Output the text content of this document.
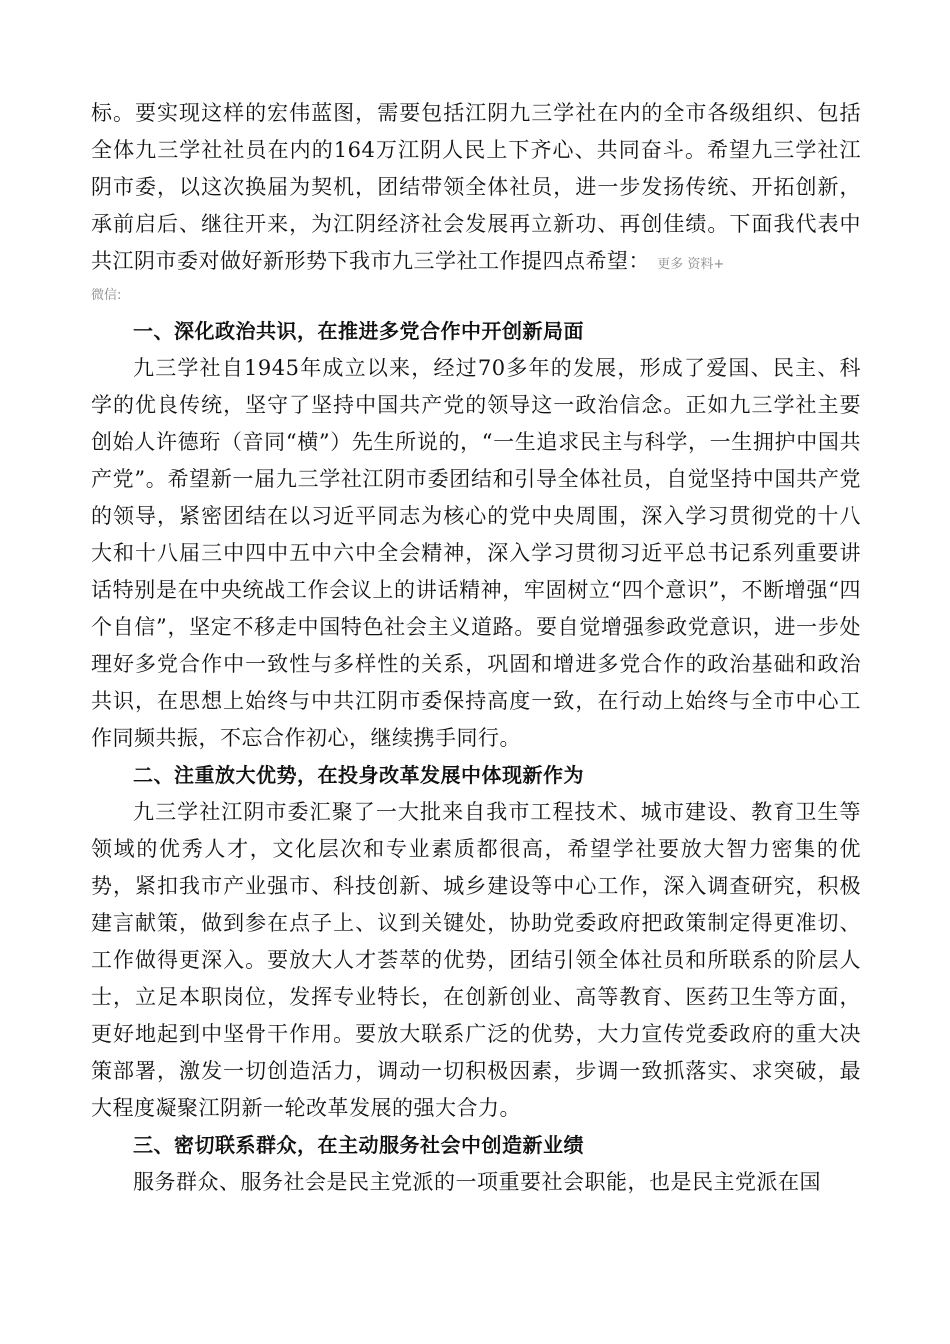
标。要实现这样的宏伟蓝图，需要包括江阴九三学社在内的全市各级组织、包括全体九三学社社员在内的164万江阴人民上下齐心、共同奋斗。希望九三学社江阴市委，以这次换届为契机，团结带领全体社员，进一步发扬传统、开拓创新，承前启后、继往开来，为江阴经济社会发展再立新功、再创佳绩。下面我代表中共江阴市委对做好新形势下我市九三学社工作提四点希望： 更多 资料+

微信:

一、深化政治共识，在推进多党合作中开创新局面

九三学社自1945年成立以来，经过70多年的发展，形成了爱国、民主、科学的优良传统，坚守了坚持中国共产党的领导这一政治信念。正如九三学社主要创始人许德珩（音同“横”）先生所说的，“一生追求民主与科学，一生拥护中国共产党”。希望新一届九三学社江阴市委团结和引导全体社员，自觉坚持中国共产党的领导，紧密团结在以习近平同志为核心的党中央周围，深入学习贯彻党的十八大和十八届三中四中五中六中全会精神，深入学习贯彻习近平总书记系列重要讲话特别是在中央统战工作会议上的讲话精神，牢固树立“四个意识”，不断增强“四个自信”，坚定不移走中国特色社会主义道路。要自觉增强参政党意识，进一步处理好多党合作中一致性与多样性的关系，巩固和增进多党合作的政治基础和政治共识，在思想上始终与中共江阴市委保持高度一致，在行动上始终与全市中心工作同频共振，不忘合作初心，继续携手同行。

二、注重放大优势，在投身改革发展中体现新作为

九三学社江阴市委汇聚了一大批来自我市工程技术、城市建设、教育卫生等领域的优秀人才，文化层次和专业素质都很高，希望学社要放大智力密集的优势，紧扣我市产业强市、科技创新、城乡建设等中心工作，深入调查研究，积极建言献策，做到参在点子上、议到关键处，协助党委政府把政策制定得更准切、工作做得更深入。要放大人才荟萃的优势，团结引领全体社员和所联系的阶层人士，立足本职岗位，发挥专业特长，在创新创业、高等教育、医药卫生等方面，更好地起到中坚骨干作用。要放大联系广泛的优势，大力宣传党委政府的重大决策部署，激发一切创造活力，调动一切积极因素，步调一致抓落实、求突破，最大程度凝聚江阴新一轮改革发展的强大合力。

三、密切联系群众，在主动服务社会中创造新业绩

服务群众、服务社会是民主党派的一项重要社会职能，也是民主党派在国
